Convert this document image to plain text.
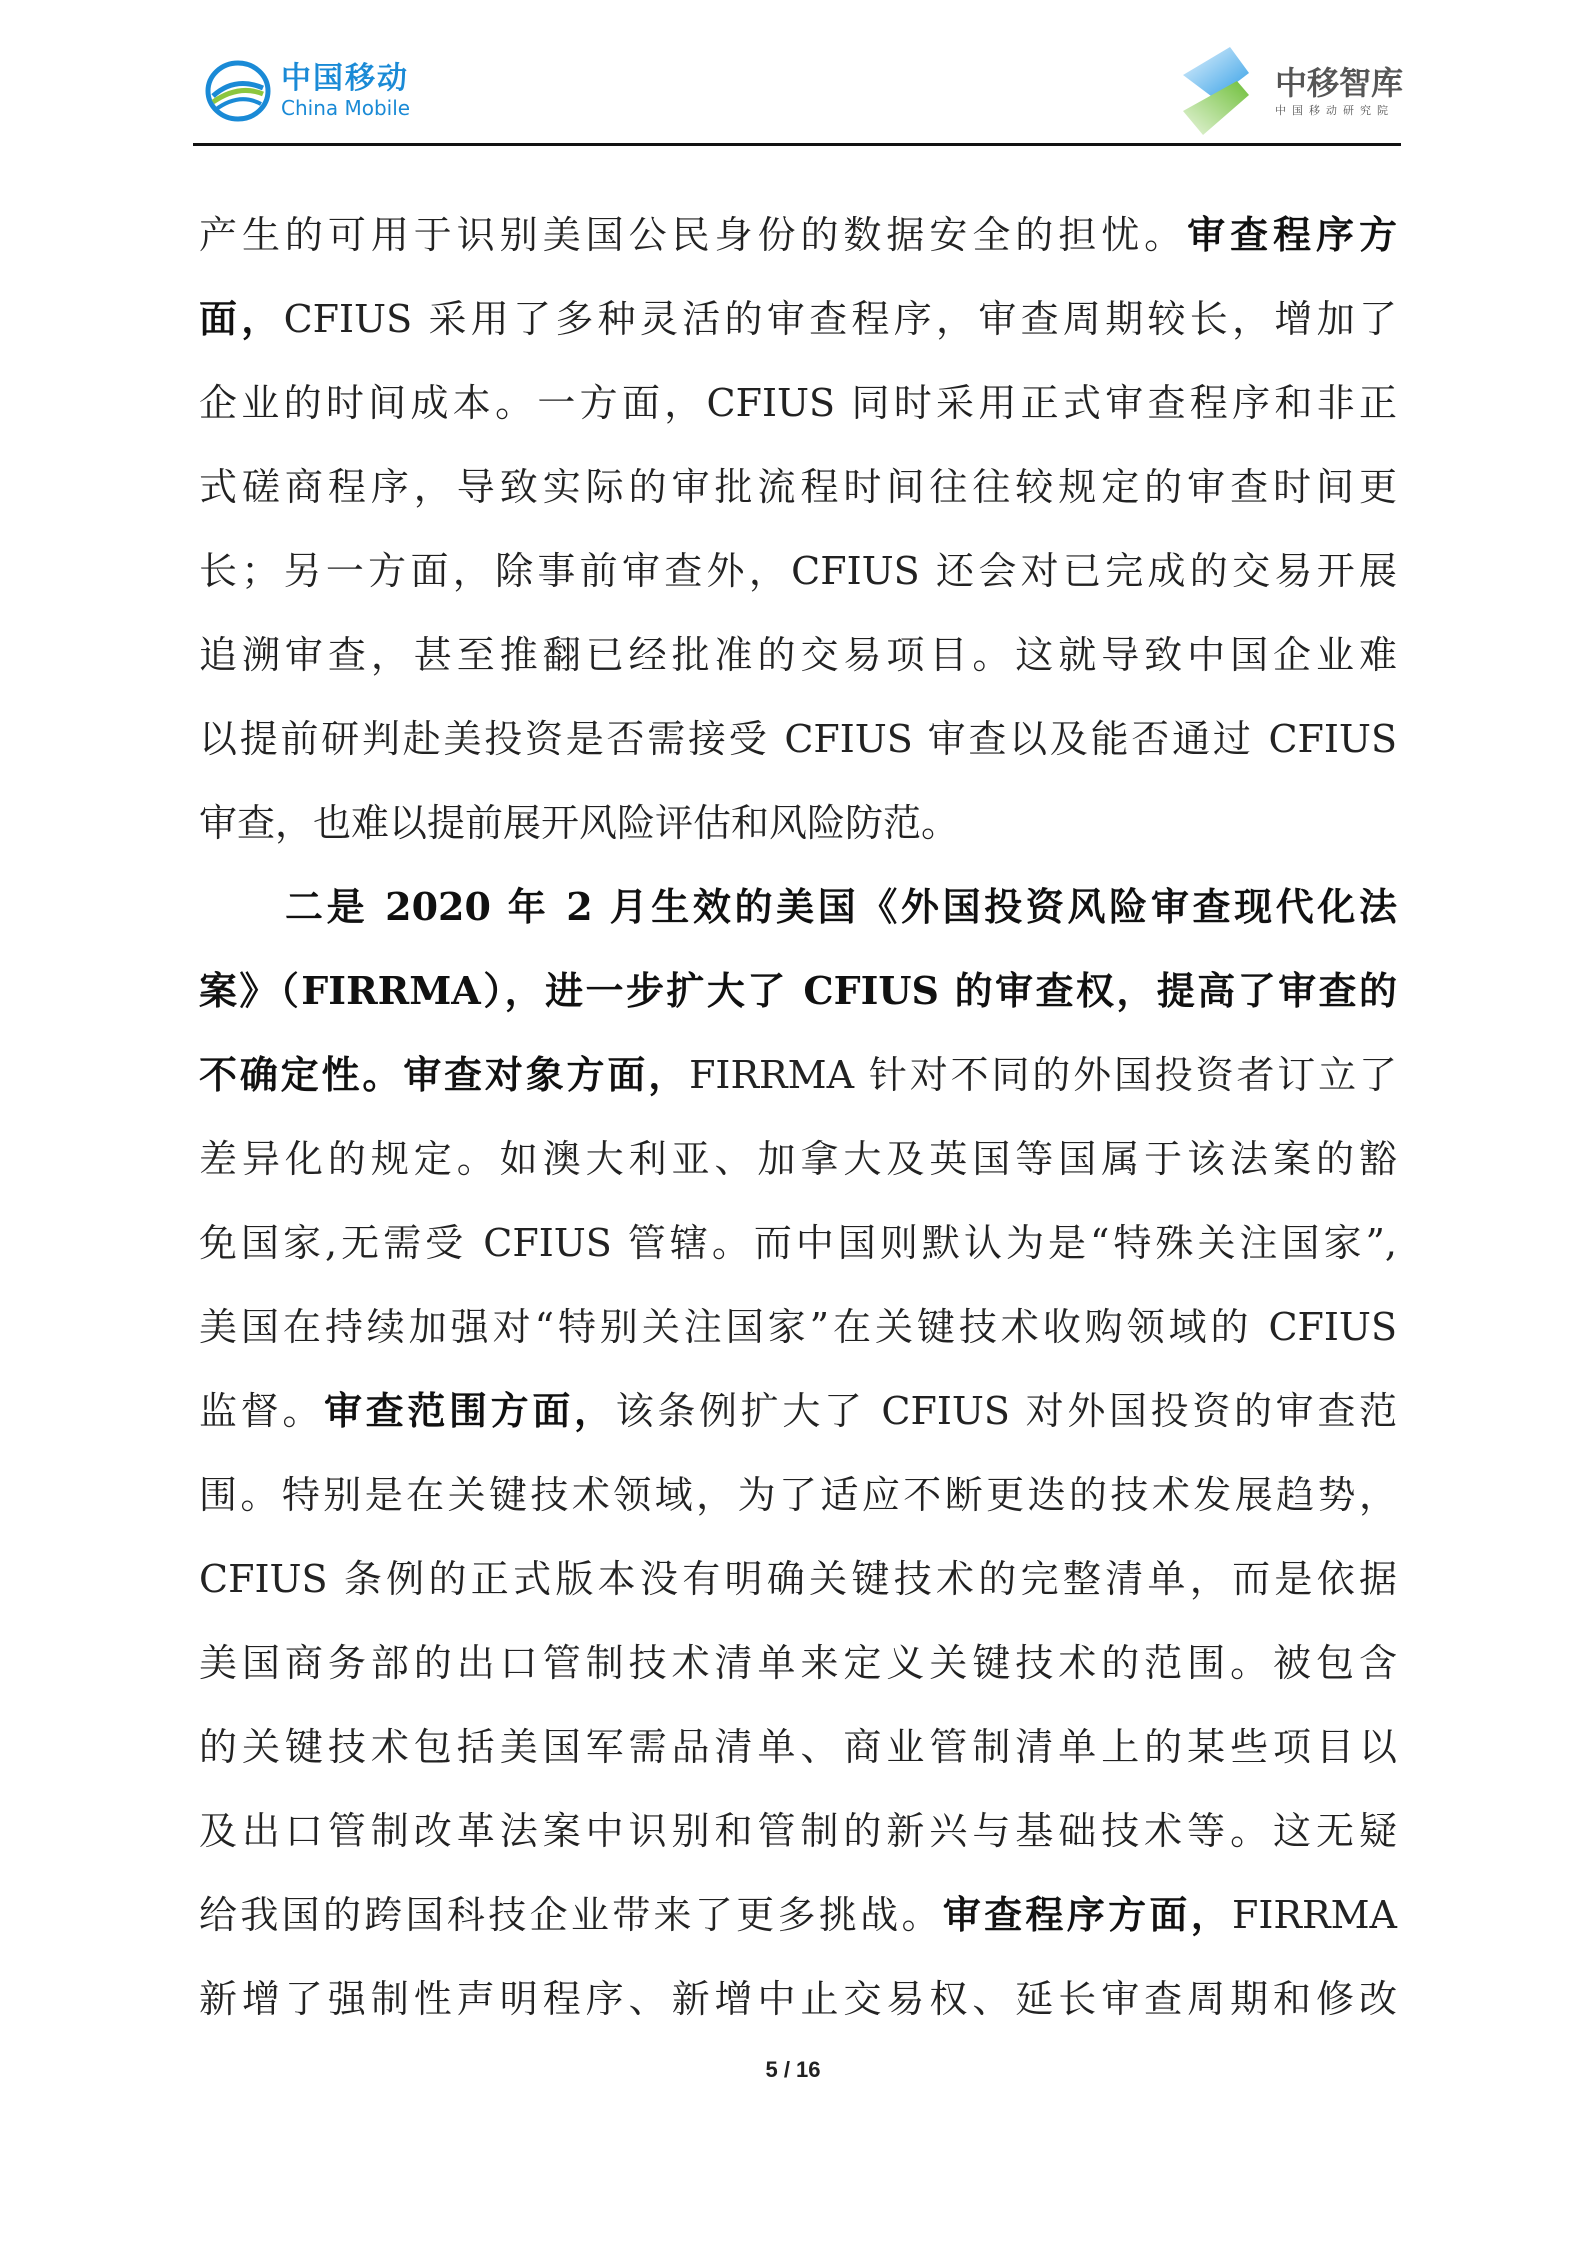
中国移动
China Mobile
中移智库
中国移动研究院
产生的可用于识别美国公民身份的数据安全的担忧。审查程序方
面，CFIUS 采用了多种灵活的审查程序，审查周期较长，增加了
企业的时间成本。一方面，CFIUS 同时采用正式审查程序和非正
式磋商程序，导致实际的审批流程时间往往较规定的审查时间更
长；另一方面，除事前审查外，CFIUS 还会对已完成的交易开展
追溯审查，甚至推翻已经批准的交易项目。这就导致中国企业难
以提前研判赴美投资是否需接受 CFIUS 审查以及能否通过 CFIUS
审查，也难以提前展开风险评估和风险防范。
二是 2020 年 2 月生效的美国《外国投资风险审查现代化法
案》（FIRRMA），进一步扩大了 CFIUS 的审查权，提高了审查的
不确定性。审查对象方面，FIRRMA 针对不同的外国投资者订立了
差异化的规定。如澳大利亚、加拿大及英国等国属于该法案的豁
免国家,无需受 CFIUS 管辖。而中国则默认为是“特殊关注国家”,
美国在持续加强对“特别关注国家”在关键技术收购领域的 CFIUS
监督。审查范围方面，该条例扩大了 CFIUS 对外国投资的审查范
围。特别是在关键技术领域，为了适应不断更迭的技术发展趋势，
CFIUS 条例的正式版本没有明确关键技术的完整清单，而是依据
美国商务部的出口管制技术清单来定义关键技术的范围。被包含
的关键技术包括美国军需品清单、商业管制清单上的某些项目以
及出口管制改革法案中识别和管制的新兴与基础技术等。这无疑
给我国的跨国科技企业带来了更多挑战。审查程序方面，FIRRMA
新增了强制性声明程序、新增中止交易权、延长审查周期和修改
5 / 16
